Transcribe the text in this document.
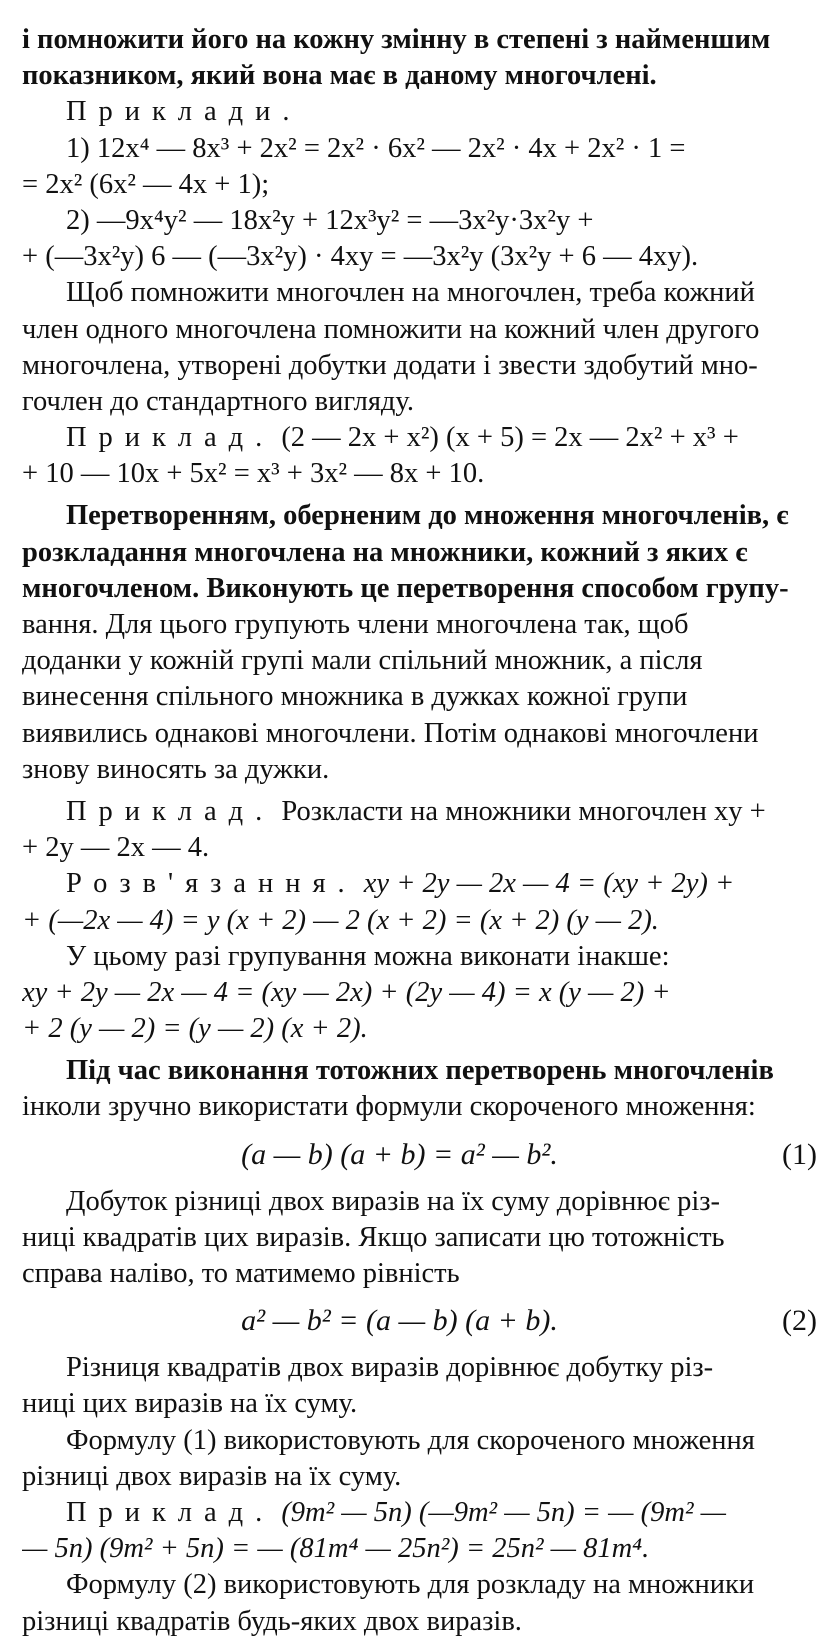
і помножити його на кожну змінну в степені з найменшим
показником, який вона має в даному многочлені.
Приклади.
1) 12x⁴ — 8x³ + 2x² = 2x² · 6x² — 2x² · 4x + 2x² · 1 =
= 2x² (6x² — 4x + 1);
2) —9x⁴y² — 18x²y + 12x³y² = —3x²y·3x²y +
+ (—3x²y) 6 — (—3x²y) · 4xy = —3x²y (3x²y + 6 — 4xy).
Щоб помножити многочлен на многочлен, треба кожний
член одного многочлена помножити на кожний член другого
многочлена, утворені добутки додати і звести здобутий мно-
гочлен до стандартного вигляду.
Приклад. (2 — 2x + x²) (x + 5) = 2x — 2x² + x³ +
+ 10 — 10x + 5x² = x³ + 3x² — 8x + 10.
Перетворенням, оберненим до множення многочленів, є
розкладання многочлена на множники, кожний з яких є
многочленом. Виконують це перетворення способом групу-
вання. Для цього групують члени многочлена так, щоб
доданки у кожній групі мали спільний множник, а після
винесення спільного множника в дужках кожної групи
виявились однакові многочлени. Потім однакові многочлени
знову виносять за дужки.
Приклад. Розкласти на множники многочлен xy +
+ 2y — 2x — 4.
Розв'язання. xy + 2y — 2x — 4 = (xy + 2y) +
+ (—2x — 4) = y (x + 2) — 2 (x + 2) = (x + 2) (y — 2).
У цьому разі групування можна виконати інакше:
xy + 2y — 2x — 4 = (xy — 2x) + (2y — 4) = x (y — 2) +
+ 2 (y — 2) = (y — 2) (x + 2).
Під час виконання тотожних перетворень многочленів
інколи зручно використати формули скороченого множення:
(a — b) (a + b) = a² — b².	(1)
Добуток різниці двох виразів на їх суму дорівнює різ-
ниці квадратів цих виразів. Якщо записати цю тотожність
справа наліво, то матимемо рівність
a² — b² = (a — b) (a + b).	(2)
Різниця квадратів двох виразів дорівнює добутку різ-
ниці цих виразів на їх суму.
Формулу (1) використовують для скороченого множення
різниці двох виразів на їх суму.
Приклад. (9m² — 5n) (—9m² — 5n) = — (9m² —
— 5n) (9m² + 5n) = — (81m⁴ — 25n²) = 25n² — 81m⁴.
Формулу (2) використовують для розкладу на множники
різниці квадратів будь-яких двох виразів.
